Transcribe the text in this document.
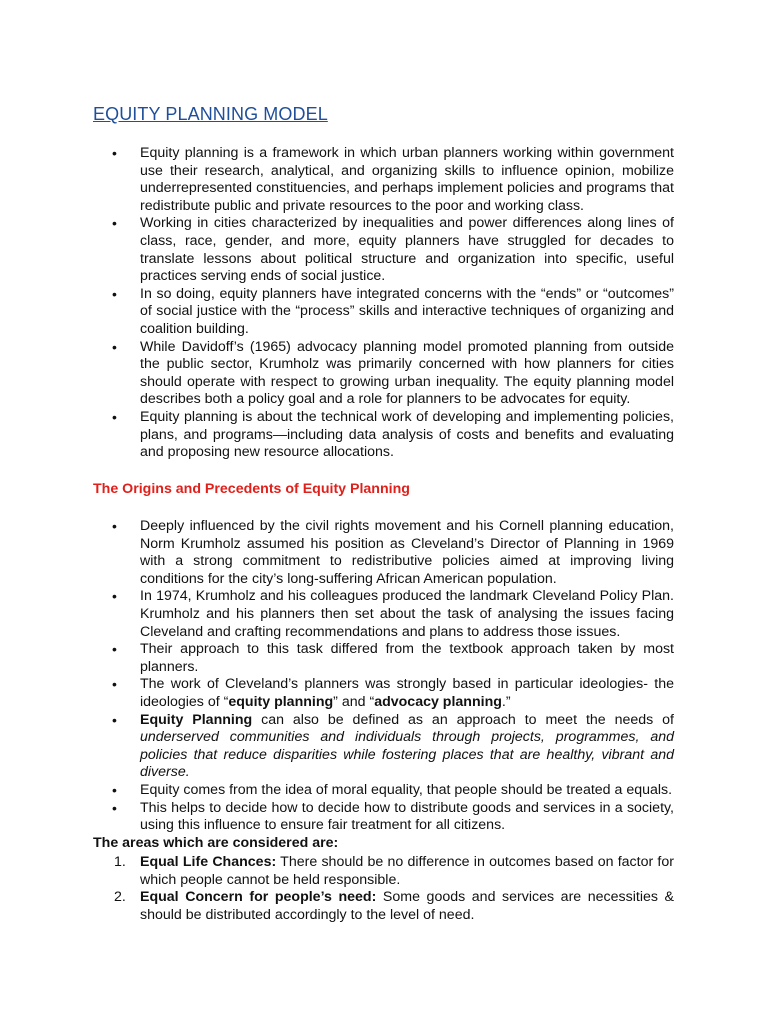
EQUITY PLANNING MODEL
• Equity planning is a framework in which urban planners working within government use their research, analytical, and organizing skills to influence opinion, mobilize underrepresented constituencies, and perhaps implement policies and programs that redistribute public and private resources to the poor and working class.
• Working in cities characterized by inequalities and power differences along lines of class, race, gender, and more, equity planners have struggled for decades to translate lessons about political structure and organization into specific, useful practices serving ends of social justice.
• In so doing, equity planners have integrated concerns with the “ends” or “outcomes” of social justice with the “process” skills and interactive techniques of organizing and coalition building.
• While Davidoff’s (1965) advocacy planning model promoted planning from outside the public sector, Krumholz was primarily concerned with how planners for cities should operate with respect to growing urban inequality. The equity planning model describes both a policy goal and a role for planners to be advocates for equity.
• Equity planning is about the technical work of developing and implementing policies, plans, and programs—including data analysis of costs and benefits and evaluating and proposing new resource allocations.
The Origins and Precedents of Equity Planning
• Deeply influenced by the civil rights movement and his Cornell planning education, Norm Krumholz assumed his position as Cleveland’s Director of Planning in 1969 with a strong commitment to redistributive policies aimed at improving living conditions for the city’s long-suffering African American population.
• In 1974, Krumholz and his colleagues produced the landmark Cleveland Policy Plan. Krumholz and his planners then set about the task of analysing the issues facing Cleveland and crafting recommendations and plans to address those issues.
• Their approach to this task differed from the textbook approach taken by most planners.
• The work of Cleveland’s planners was strongly based in particular ideologies- the ideologies of “equity planning” and “advocacy planning.”
• Equity Planning can also be defined as an approach to meet the needs of underserved communities and individuals through projects, programmes, and policies that reduce disparities while fostering places that are healthy, vibrant and diverse.
• Equity comes from the idea of moral equality, that people should be treated a equals.
• This helps to decide how to decide how to distribute goods and services in a society, using this influence to ensure fair treatment for all citizens.
The areas which are considered are:
1. Equal Life Chances: There should be no difference in outcomes based on factor for which people cannot be held responsible.
2. Equal Concern for people’s need: Some goods and services are necessities & should be distributed accordingly to the level of need.
